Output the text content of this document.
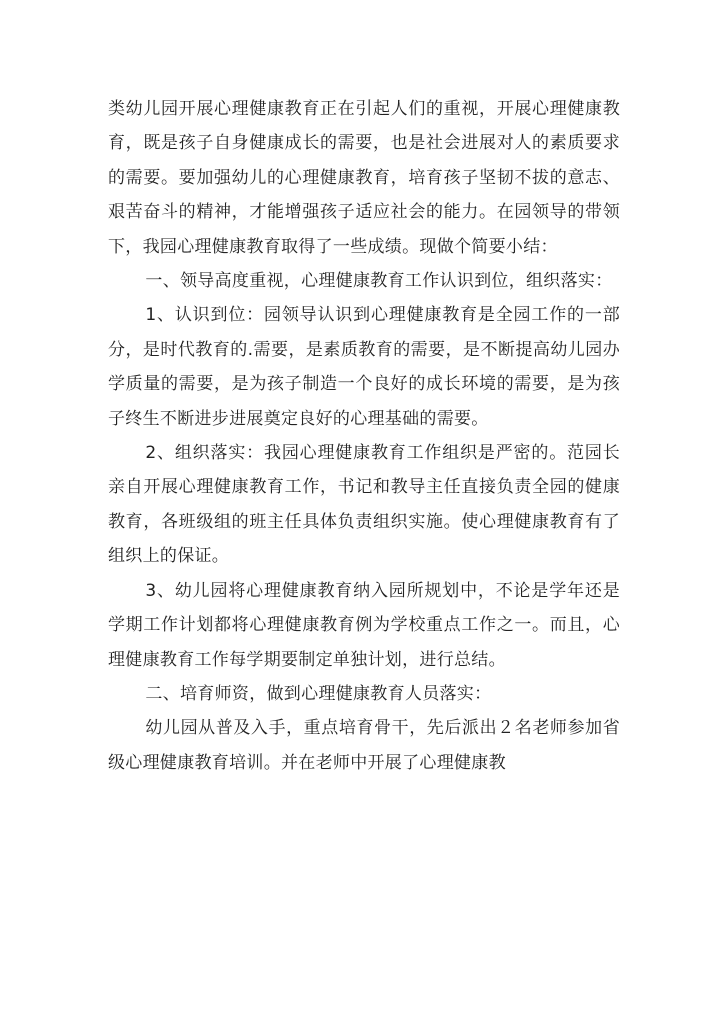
类幼儿园开展心理健康教育正在引起人们的重视，开展心理健康教育，既是孩子自身健康成长的需要，也是社会进展对人的素质要求的需要。要加强幼儿的心理健康教育，培育孩子坚韧不拔的意志、艰苦奋斗的精神，才能增强孩子适应社会的能力。在园领导的带领下，我园心理健康教育取得了一些成绩。现做个简要小结：

一、领导高度重视，心理健康教育工作认识到位，组织落实：

1、认识到位：园领导认识到心理健康教育是全园工作的一部分，是时代教育的.需要，是素质教育的需要，是不断提高幼儿园办学质量的需要，是为孩子制造一个良好的成长环境的需要，是为孩子终生不断进步进展奠定良好的心理基础的需要。

2、组织落实：我园心理健康教育工作组织是严密的。范园长亲自开展心理健康教育工作，书记和教导主任直接负责全园的健康教育，各班级组的班主任具体负责组织实施。使心理健康教育有了组织上的保证。

3、幼儿园将心理健康教育纳入园所规划中，不论是学年还是学期工作计划都将心理健康教育例为学校重点工作之一。而且，心理健康教育工作每学期要制定单独计划，进行总结。

二、培育师资，做到心理健康教育人员落实：

幼儿园从普及入手，重点培育骨干，先后派出２名老师参加省级心理健康教育培训。并在老师中开展了心理健康教
